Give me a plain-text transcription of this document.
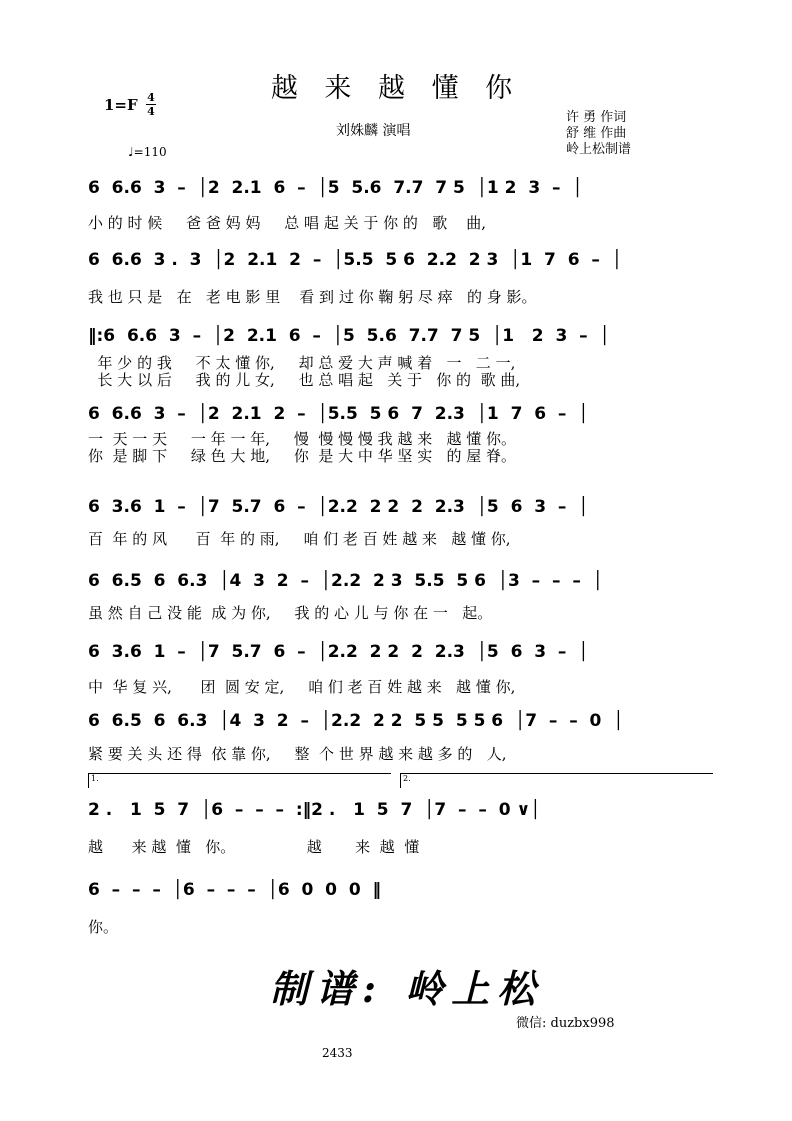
越 来 越 懂 你
1=F 4
4
刘姝麟 演唱
许 勇 作词
舒 维 作曲
岭上松制谱
♩=110
6  6.6  3  –  │2  2.1  6  –  │5  5.6  7.7  7 5  │1 2  3  –  │
小 的 时 候     爸 爸 妈 妈     总 唱 起 关 于 你 的   歌    曲,
6  6.6  3 .  3  │2  2.1  2  –  │5.5  5 6  2.2  2 3  │1  7  6  –  │
我 也 只 是   在   老 电 影 里    看 到 过 你 鞠 躬 尽 瘁   的 身 影。
‖:6  6.6  3  –  │2  2.1  6  –  │5  5.6  7.7  7 5  │1   2  3  –  │
年 少 的 我     不 太 懂 你,     却 总 爱 大 声 喊 着   一   二 一,
长 大 以 后     我 的 儿 女,     也 总 唱 起   关 于   你 的  歌 曲,
6  6.6  3  –  │2  2.1  2  –  │5.5  5 6  7  2.3  │1  7  6  –  │
一  天 一 天     一 年 一 年,     慢  慢 慢 慢 我 越 来   越 懂 你。
你  是 脚 下     绿 色 大 地,     你  是 大 中 华 坚 实   的 屋 脊。
6  3.6  1  –  │7  5.7  6  –  │2.2  2 2  2  2.3  │5  6  3  –  │
百  年 的 风      百  年 的 雨,     咱 们 老 百 姓 越 来   越 懂 你,
6  6.5  6  6.3  │4  3  2  –  │2.2  2 3  5.5  5 6  │3  –  –  –  │
虽 然 自 己 没 能  成 为 你,     我 的 心 儿 与 你 在 一   起。
6  3.6  1  –  │7  5.7  6  –  │2.2  2 2  2  2.3  │5  6  3  –  │
中  华 复 兴,      团  圆 安 定,     咱 们 老 百 姓 越 来   越 懂 你,
6  6.5  6  6.3  │4  3  2  –  │2.2  2 2  5 5  5 5 6  │7  –  –  0  │
紧 要 关 头 还 得  依 靠 你,     整  个 世 界 越 来 越 多 的   人,
2 .   1  5  7  │6  –  –  –  :‖2 .   1  5  7  │7  –  –  0 ∨│
越      来 越  懂   你。               越       来  越  懂
6  –  –  –  │6  –  –  –  │6  0  0  0  ‖
你。
1.	2.
制谱: 岭上松
微信: duzbx998
2433
